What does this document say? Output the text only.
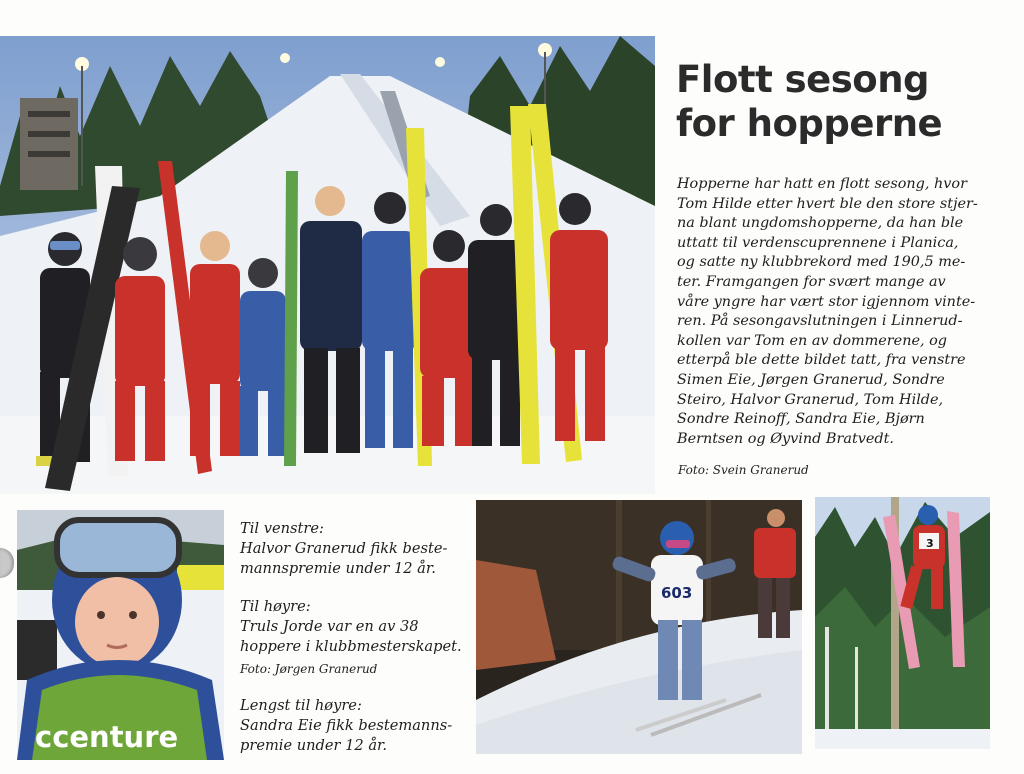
Flott sesong
for hopperne

Hopperne har hatt en flott sesong, hvor
Tom Hilde etter hvert ble den store stjer-
na blant ungdomshopperne, da han ble
uttatt til verdenscuprennene i Planica,
og satte ny klubbrekord med 190,5 me-
ter. Framgangen for svært mange av
våre yngre har vært stor igjennom vinte-
ren. På sesongavslutningen i Linnerud-
kollen var Tom en av dommerene, og
etterpå ble dette bildet tatt, fra venstre
Simen Eie, Jørgen Granerud, Sondre
Steiro, Halvor Granerud, Tom Hilde,
Sondre Reinoff, Sandra Eie, Bjørn
Berntsen og Øyvind Bratvedt.

Foto: Svein Granerud
ccenture

Til venstre:
Halvor Granerud fikk beste-
mannspremie under 12 år.

Til høyre:
Truls Jorde var en av 38
hoppere i klubbmesterskapet.
Foto: Jørgen Granerud

Lengst til høyre:
Sandra Eie fikk bestemanns-
premie under 12 år.

603
3
